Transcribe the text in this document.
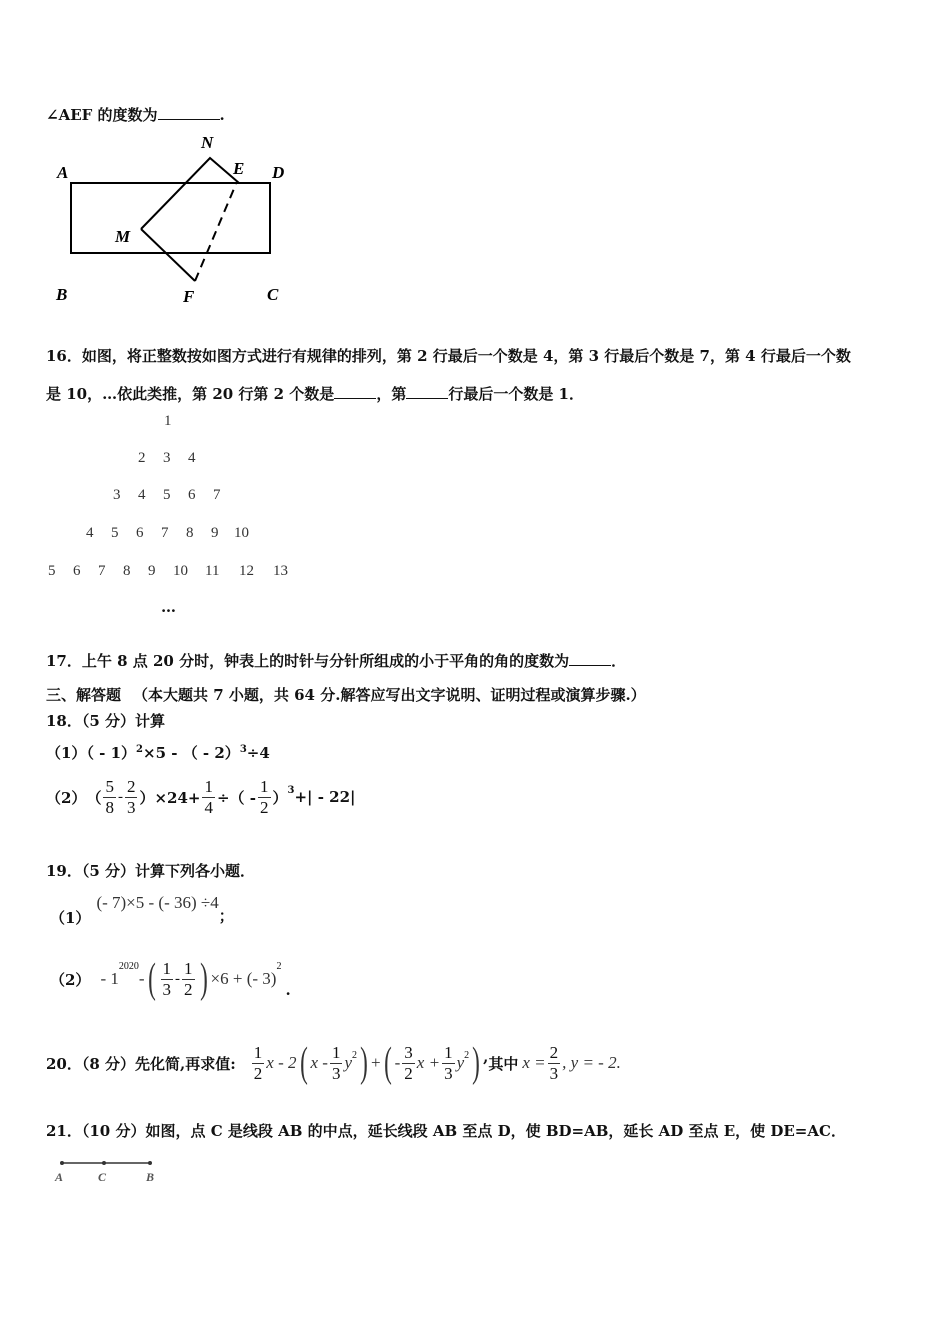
∠AEF 的度数为	.
A
N
E D
M
B	F	C
16．如图，将正整数按如图方式进行有规律的排列，第 2 行最后一个数是 4，第 3 行最后个数是 7，第 4 行最后一个数
是 10，…依此类推，第 20 行第 2 个数是	，第	行最后一个数是 1．
1
2 3 4
3 4 5 6 7
4 5 6 7 8 9 10
5 6 7 8 9 10 11 12 13
…
17．上午 8 点 20 分时，钟表上的时针与分针所组成的小于平角的角的度数为	．
三、解答题 （本大题共 7 小题，共 64 分.解答应写出文字说明、证明过程或演算步骤.）
18．（5 分）计算
（1）（ - 1）$^2$×5 - （ - 2）$^3$÷4
（2） （
5
8
-
2
3 ）$\times 24+ \frac{1}{4}$ ÷（ -
1
2 ） 3 +| - 22|
19．（5 分）计算下列各小题．
（1）
(- 7)×5 - (- 36) ÷4
；
（2） - 1
2020
- ( 1
3
-
1
2 ) ×6 + (- 3)
2
.
20．（8 分）先化简,再求值:
1
2
x - 2 ( x -
1
3
y 2 ) + ( -
3
2
$x + \frac{1}{3}$ y 2 ) , 其中 $x = \frac{2}{3}$ , y = - 2.
21．（10 分）如图，点 C 是线段 AB 的中点，延长线段 AB 至点 D，使 BD=AB，延长 AD 至点 E，使 DE=AC．
A	C	B
